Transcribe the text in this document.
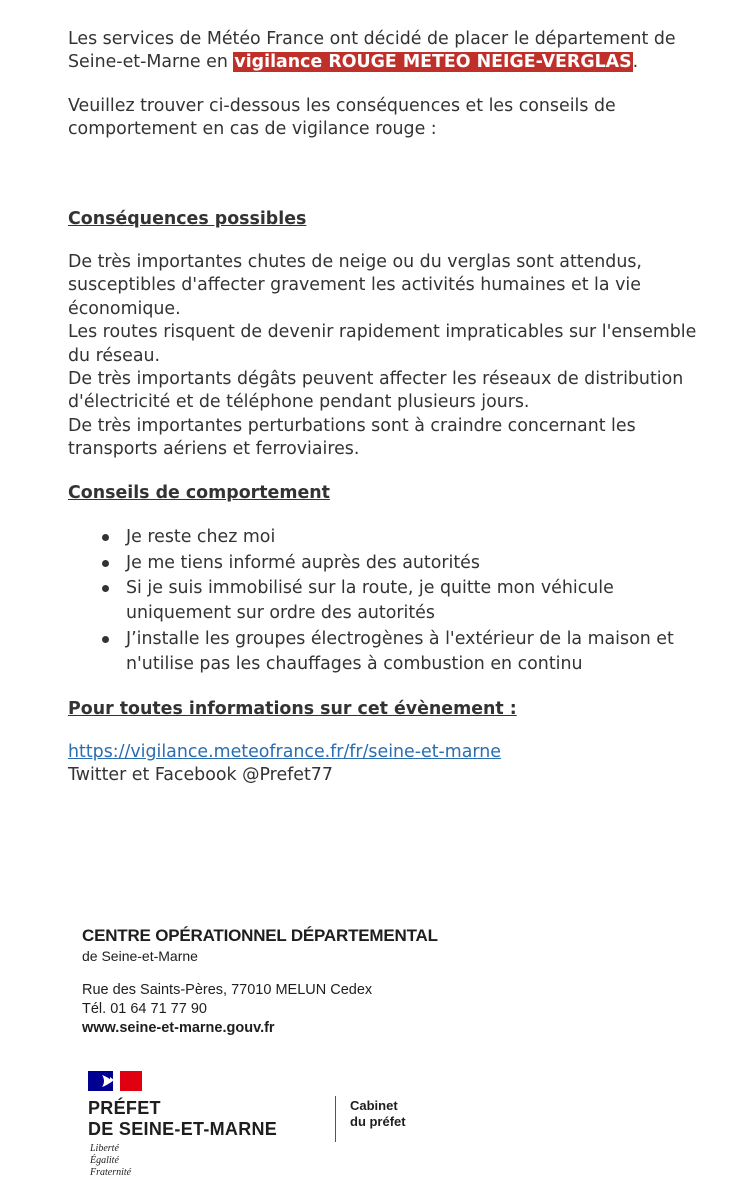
Les services de Météo France ont décidé de placer le département de Seine-et-Marne en vigilance ROUGE METEO NEIGE-VERGLAS.

Veuillez trouver ci-dessous les conséquences et les conseils de comportement en cas de vigilance rouge :

Conséquences possibles

De très importantes chutes de neige ou du verglas sont attendus, susceptibles d'affecter gravement les activités humaines et la vie économique.

Les routes risquent de devenir rapidement impraticables sur l'ensemble du réseau.

De très importants dégâts peuvent affecter les réseaux de distribution d'électricité et de téléphone pendant plusieurs jours.

De très importantes perturbations sont à craindre concernant les transports aériens et ferroviaires.

Conseils de comportement

Je reste chez moi
Je me tiens informé auprès des autorités
Si je suis immobilisé sur la route, je quitte mon véhicule uniquement sur ordre des autorités
J’installe les groupes électrogènes à l'extérieur de la maison et n'utilise pas les chauffages à combustion en continu

Pour toutes informations sur cet évènement :

https://vigilance.meteofrance.fr/fr/seine-et-marne

Twitter et Facebook @Prefet77

CENTRE OPÉRATIONNEL DÉPARTEMENTAL
de Seine-et-Marne
Rue des Saints-Pères, 77010 MELUN Cedex
Tél. 01 64 71 77 90
www.seine-et-marne.gouv.fr
PRÉFET
DE SEINE-ET-MARNE
Liberté
Égalité
Fraternité
Cabinet
du préfet
